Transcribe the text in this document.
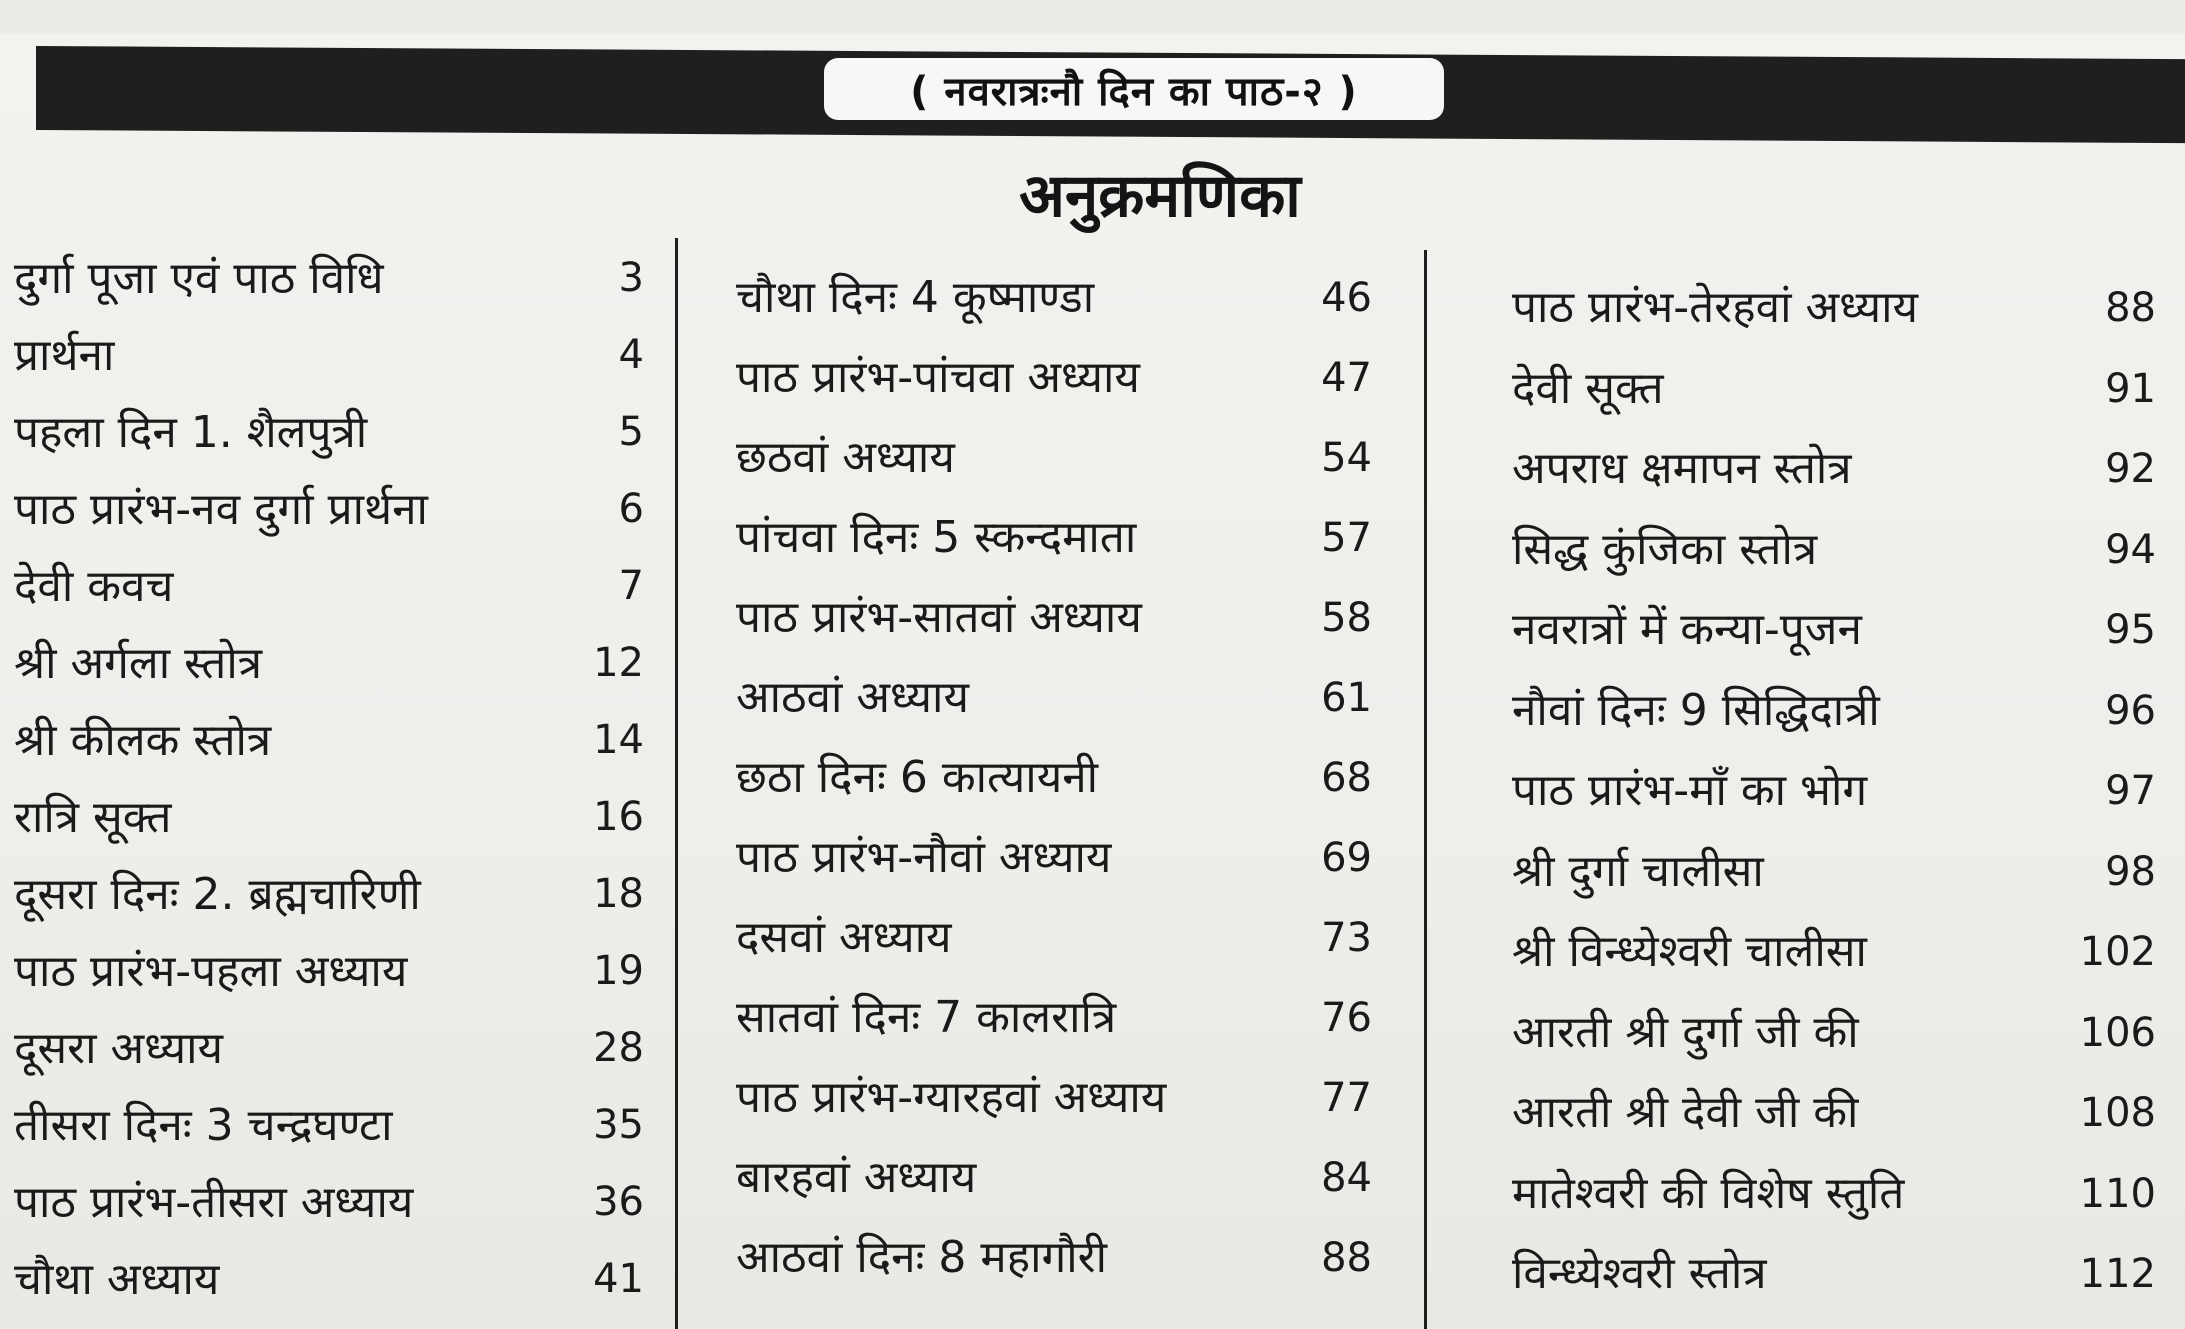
( नवरात्रःनौ दिन का पाठ-२ )
अनुक्रमणिका
दुर्गा पूजा एवं पाठ विधि	3
प्रार्थना	4
पहला दिन 1. शैलपुत्री	5
पाठ प्रारंभ-नव दुर्गा प्रार्थना	6
देवी कवच	7
श्री अर्गला स्तोत्र	12
श्री कीलक स्तोत्र	14
रात्रि सूक्त	16
दूसरा दिनः 2. ब्रह्मचारिणी	18
पाठ प्रारंभ-पहला अध्याय	19
दूसरा अध्याय	28
तीसरा दिनः 3 चन्द्रघण्टा	35
पाठ प्रारंभ-तीसरा अध्याय	36
चौथा अध्याय	41
चौथा दिनः 4 कूष्माण्डा	46
पाठ प्रारंभ-पांचवा अध्याय	47
छठवां अध्याय	54
पांचवा दिनः 5 स्कन्दमाता	57
पाठ प्रारंभ-सातवां अध्याय	58
आठवां अध्याय	61
छठा दिनः 6 कात्यायनी	68
पाठ प्रारंभ-नौवां अध्याय	69
दसवां अध्याय	73
सातवां दिनः 7 कालरात्रि	76
पाठ प्रारंभ-ग्यारहवां अध्याय	77
बारहवां अध्याय	84
आठवां दिनः 8 महागौरी	88
पाठ प्रारंभ-तेरहवां अध्याय	88
देवी सूक्त	91
अपराध क्षमापन स्तोत्र	92
सिद्ध कुंजिका स्तोत्र	94
नवरात्रों में कन्या-पूजन	95
नौवां दिनः 9 सिद्धिदात्री	96
पाठ प्रारंभ-माँ का भोग	97
श्री दुर्गा चालीसा	98
श्री विन्ध्येश्वरी चालीसा	102
आरती श्री दुर्गा जी की	106
आरती श्री देवी जी की	108
मातेश्वरी की विशेष स्तुति	110
विन्ध्येश्वरी स्तोत्र	112
